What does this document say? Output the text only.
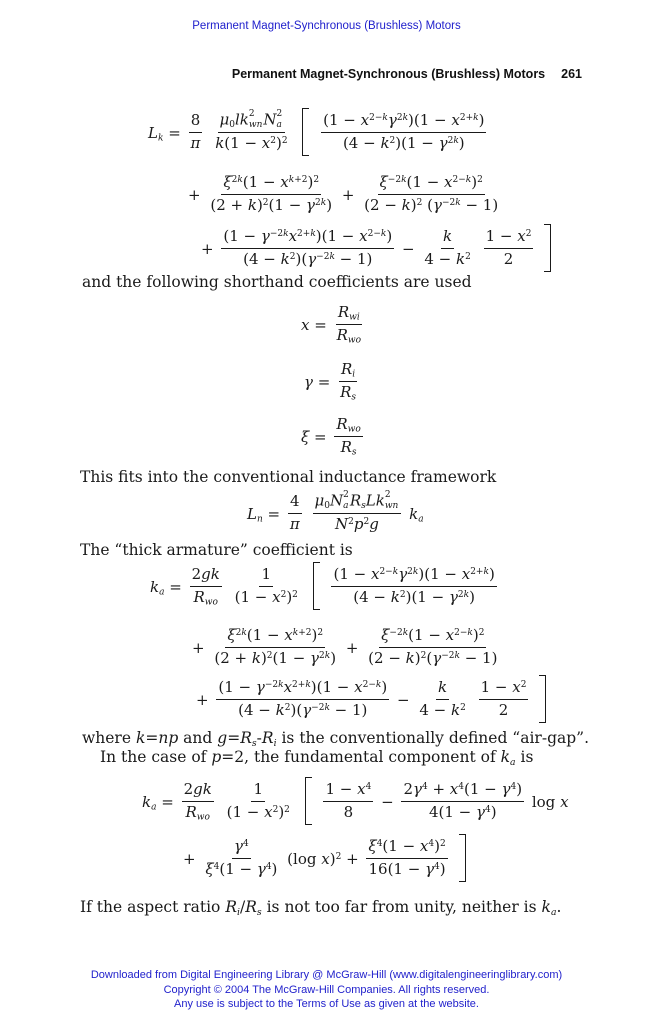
Permanent Magnet-Synchronous (Brushless) Motors
Permanent Magnet-Synchronous (Brushless) Motors 261
$L_k = \frac{8}{\pi}$
$\mu_0lk$ 2
wn N 2
a
$k(1 - x^2)^2$
$\frac{(1 - x^{2-k}\gamma^{2k})(1 - x^{2+k})}{(4 - k^2)(1 - \gamma^{2k})}$
+ $\frac{\xi^{2k}(1 - x^{k+2})^2}{(2 + k)^2(1 - \gamma^{2k})} + \frac{\xi^{-2k}(1 - x^{2-k})^2}{(2 - k)^2 (\gamma^{-2k} - 1)}$
+ $\frac{(1 - \gamma^{-2k}x^{2+k})(1 - x^{2-k})}{(4 - k^2)(\gamma^{-2k} - 1)} - \frac{k}{4 - k^2}$
$\frac{1 - x^2}{2}$

and the following shorthand coefficients are used
$x = \frac{R_{wi}}{R_{wo}}$
$\gamma = \frac{R_i}{R_s}$
$\xi = \frac{R_{wo}}{R_s}$
This fits into the conventional inductance framework
$L_n = \frac{4}{\pi}$
$\mu_0N$ 2
a $R_sLk$ 2
wn
$N^2p^2g$ $k_a$
The “thick armature” coefficient is
$k_a = \frac{2gk}{R_{wo}}$
$\frac{1}{(1 - x^2)^2}$
$\frac{(1 - x^{2-k}\gamma^{2k})(1 - x^{2+k})}{(4 - k^2)(1 - \gamma^{2k})}$
+ $\frac{\xi^{2k}(1 - x^{k+2})^2}{(2 + k)^2(1 - \gamma^{2k})} + \frac{\xi^{-2k}(1 - x^{2-k})^2}{(2 - k)^2(\gamma^{-2k} - 1)}$
+ $\frac{(1 - \gamma^{-2k}x^{2+k})(1 - x^{2-k})}{(4 - k^2)(\gamma^{-2k} - 1)} - \frac{k}{4 - k^2}$
$\frac{1 - x^2}{2}$

where k=np and $g=R_s-R_i$ is the conventionally defined “air-gap”.
In the case of p=2, the fundamental component of $k_a$ is
$k_a = \frac{2gk}{R_{wo}}$
$\frac{1}{(1 - x^2)^2}$
$\frac{1 - x^4}{8} - \frac{2\gamma^4 + x^4(1 - \gamma^4)}{4(1 - \gamma^4)}$ log x
+ $\frac{\gamma^4}{\xi^4(1 - \gamma^4)} (\log$ $x)^2 + \frac{\xi^4(1 - x^4)^2}{16(1 - \gamma^4)}$

If the aspect ratio $R_i/R_s$ is not too far from unity, neither is $k_a$.
Downloaded from Digital Engineering Library @ McGraw-Hill (www.digitalengineeringlibrary.com)
Copyright © 2004 The McGraw-Hill Companies. All rights reserved.
Any use is subject to the Terms of Use as given at the website.
